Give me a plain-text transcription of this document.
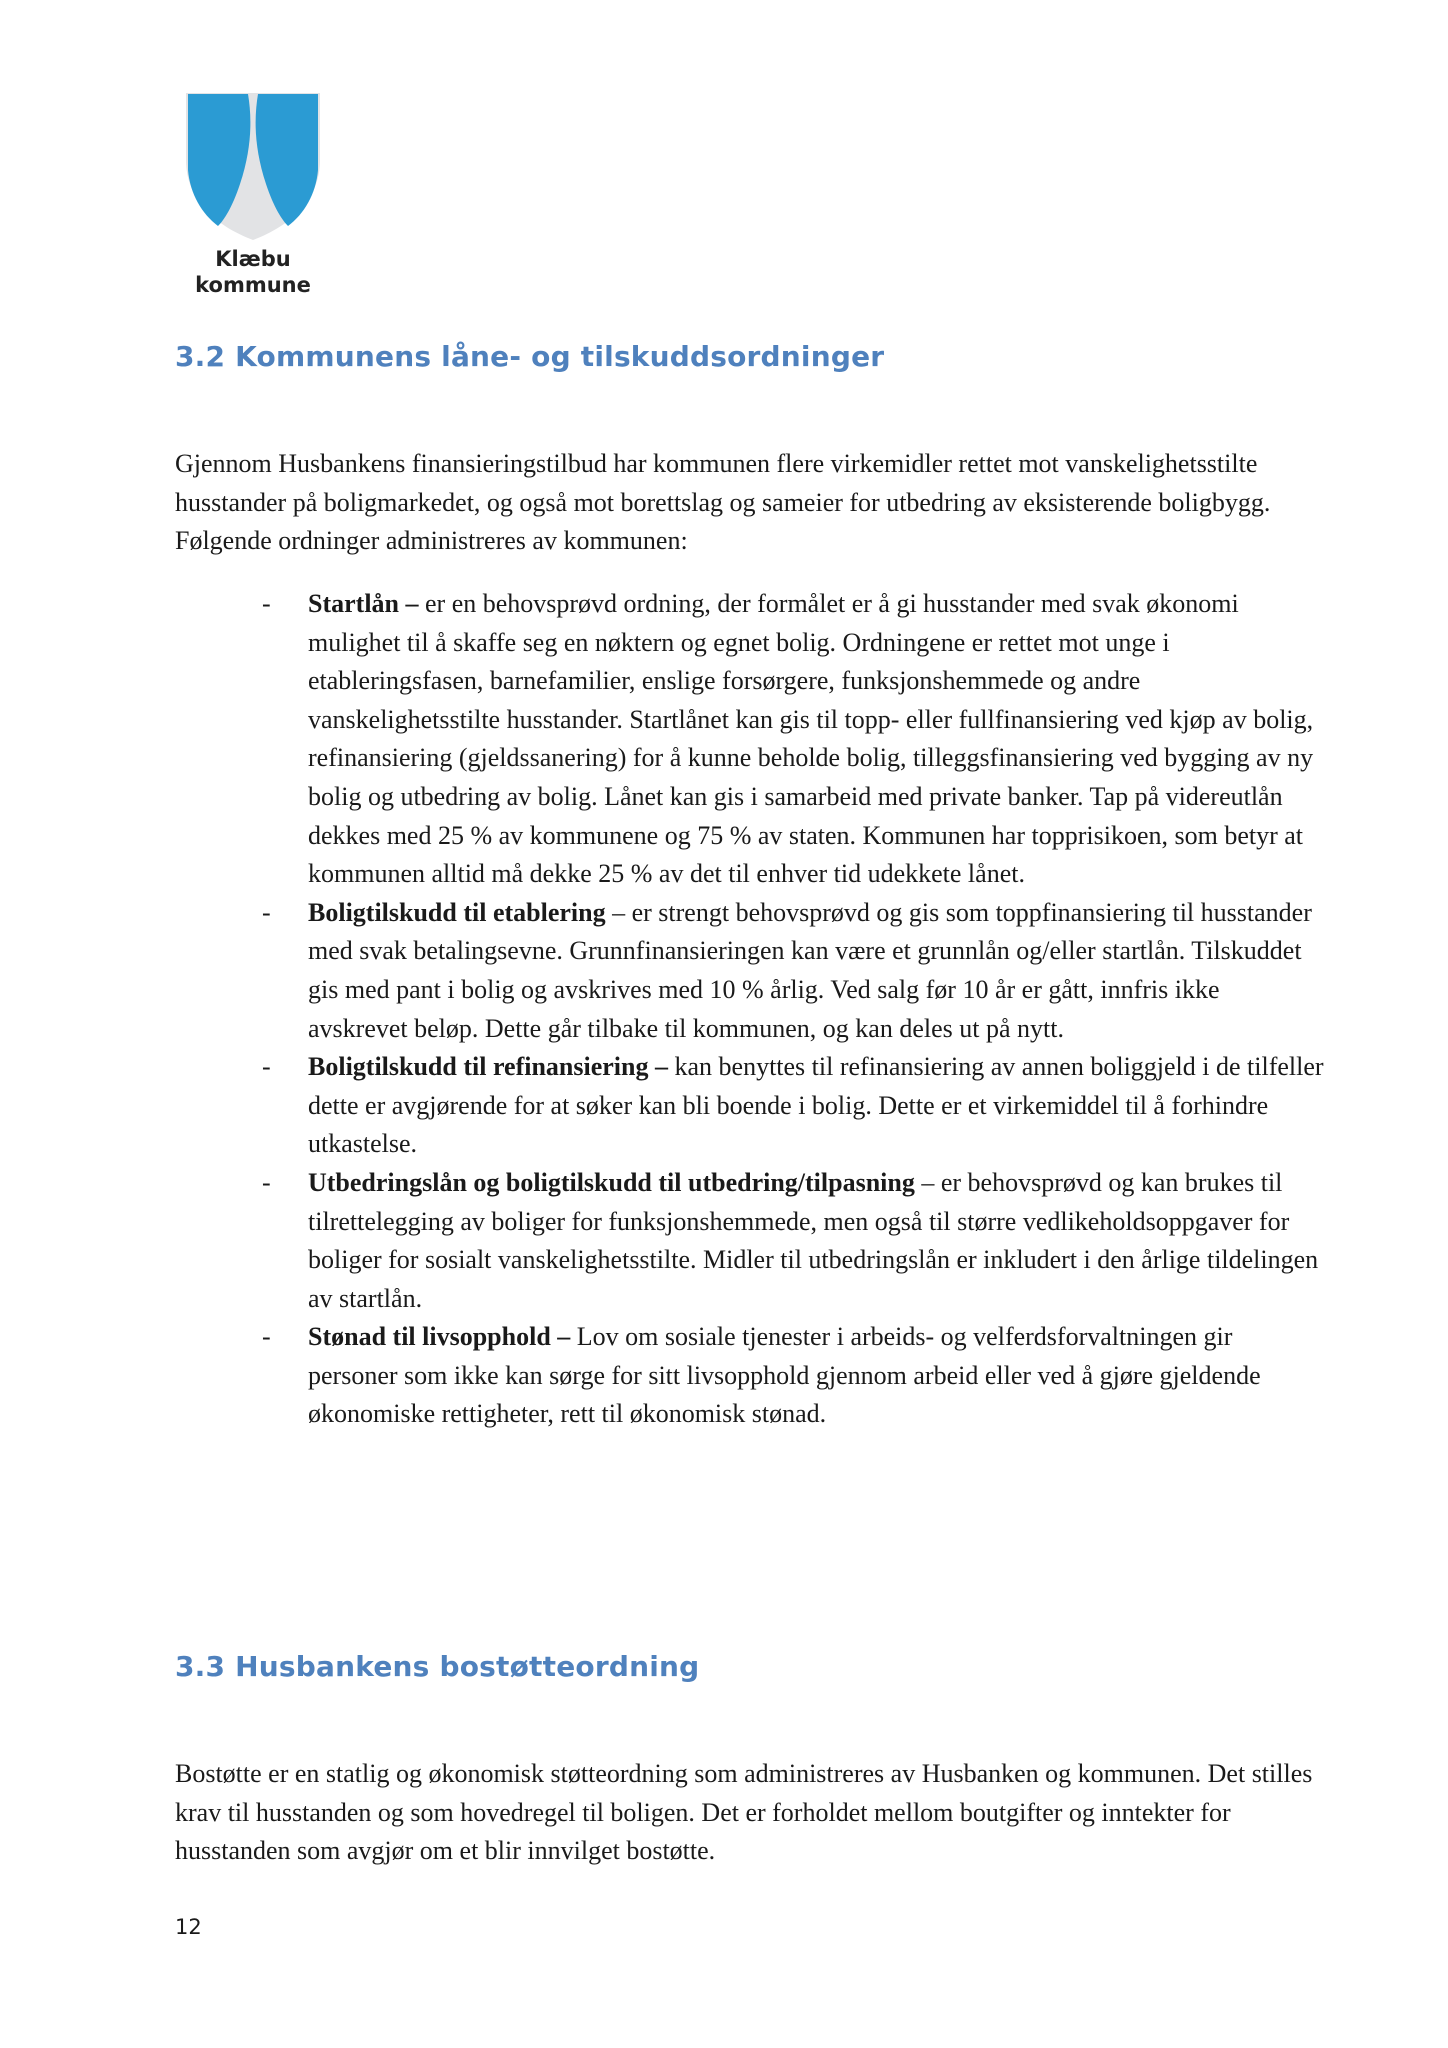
Klæbu
kommune
3.2 Kommunens låne- og tilskuddsordninger

Gjennom Husbankens finansieringstilbud har kommunen flere virkemidler rettet mot vanskelighetsstilte husstander på boligmarkedet, og også mot borettslag og sameier for utbedring av eksisterende boligbygg. Følgende ordninger administreres av kommunen:

- Startlån – er en behovsprøvd ordning, der formålet er å gi husstander med svak økonomi mulighet til å skaffe seg en nøktern og egnet bolig. Ordningene er rettet mot unge i etableringsfasen, barnefamilier, enslige forsørgere, funksjonshemmede og andre vanskelighetsstilte husstander. Startlånet kan gis til topp- eller fullfinansiering ved kjøp av bolig, refinansiering (gjeldssanering) for å kunne beholde bolig, tilleggsfinansiering ved bygging av ny bolig og utbedring av bolig. Lånet kan gis i samarbeid med private banker. Tap på videreutlån dekkes med 25 % av kommunene og 75 % av staten. Kommunen har topprisikoen, som betyr at kommunen alltid må dekke 25 % av det til enhver tid udekkete lånet.
- Boligtilskudd til etablering – er strengt behovsprøvd og gis som toppfinansiering til husstander med svak betalingsevne. Grunnfinansieringen kan være et grunnlån og/eller startlån. Tilskuddet gis med pant i bolig og avskrives med 10 % årlig. Ved salg før 10 år er gått, innfris ikke avskrevet beløp. Dette går tilbake til kommunen, og kan deles ut på nytt.
- Boligtilskudd til refinansiering – kan benyttes til refinansiering av annen boliggjeld i de tilfeller dette er avgjørende for at søker kan bli boende i bolig. Dette er et virkemiddel til å forhindre utkastelse.
- Utbedringslån og boligtilskudd til utbedring/tilpasning – er behovsprøvd og kan brukes til tilrettelegging av boliger for funksjonshemmede, men også til større vedlikeholdsoppgaver for boliger for sosialt vanskelighetsstilte. Midler til utbedringslån er inkludert i den årlige tildelingen av startlån.
- Stønad til livsopphold – Lov om sosiale tjenester i arbeids- og velferdsforvaltningen gir personer som ikke kan sørge for sitt livsopphold gjennom arbeid eller ved å gjøre gjeldende økonomiske rettigheter, rett til økonomisk stønad.
3.3 Husbankens bostøtteordning

Bostøtte er en statlig og økonomisk støtteordning som administreres av Husbanken og kommunen. Det stilles krav til husstanden og som hovedregel til boligen. Det er forholdet mellom boutgifter og inntekter for husstanden som avgjør om et blir innvilget bostøtte.

12
